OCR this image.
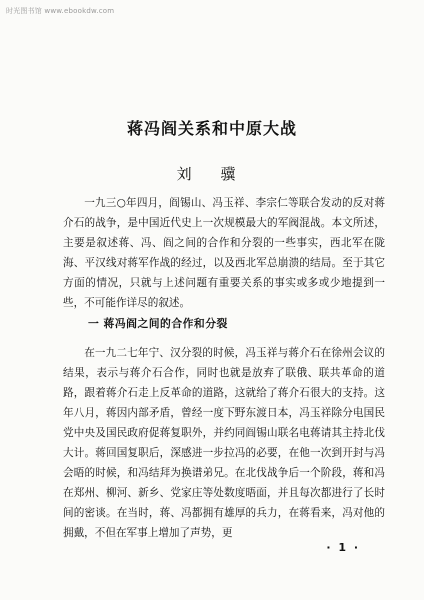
时光图书馆 www.ebookdw.com
蒋冯阎关系和中原大战
刘 骥

一九三○年四月，阎锡山、冯玉祥、李宗仁等联合发动的反对蒋介石的战争，是中国近代史上一次规模最大的军阀混战。本文所述，主要是叙述蒋、冯、阎之间的合作和分裂的一些事实，西北军在陇海、平汉线对蒋军作战的经过，以及西北军总崩溃的结局。至于其它方面的情况，只就与上述问题有重要关系的事实或多或少地提到一些，不可能作详尽的叙述。

一 蒋冯阎之间的合作和分裂

在一九二七年宁、汉分裂的时候，冯玉祥与蒋介石在徐州会议的结果，表示与蒋介石合作，同时也就是放弃了联俄、联共革命的道路，跟着蒋介石走上反革命的道路，这就给了蒋介石很大的支持。这年八月，蒋因内部矛盾，曾经一度下野东渡日本，冯玉祥除分电国民党中央及国民政府促蒋复职外，并约同阎锡山联名电蒋请其主持北伐大计。蒋回国复职后，深感进一步拉冯的必要，在他一次到开封与冯会晤的时候，和冯结拜为换谱弟兄。在北伐战争后一个阶段，蒋和冯在郑州、柳河、新乡、党家庄等处数度晤面，并且每次都进行了长时间的密谈。在当时，蒋、冯都拥有雄厚的兵力，在蒋看来，冯对他的拥戴，不但在军事上增加了声势，更

· 1 ·
